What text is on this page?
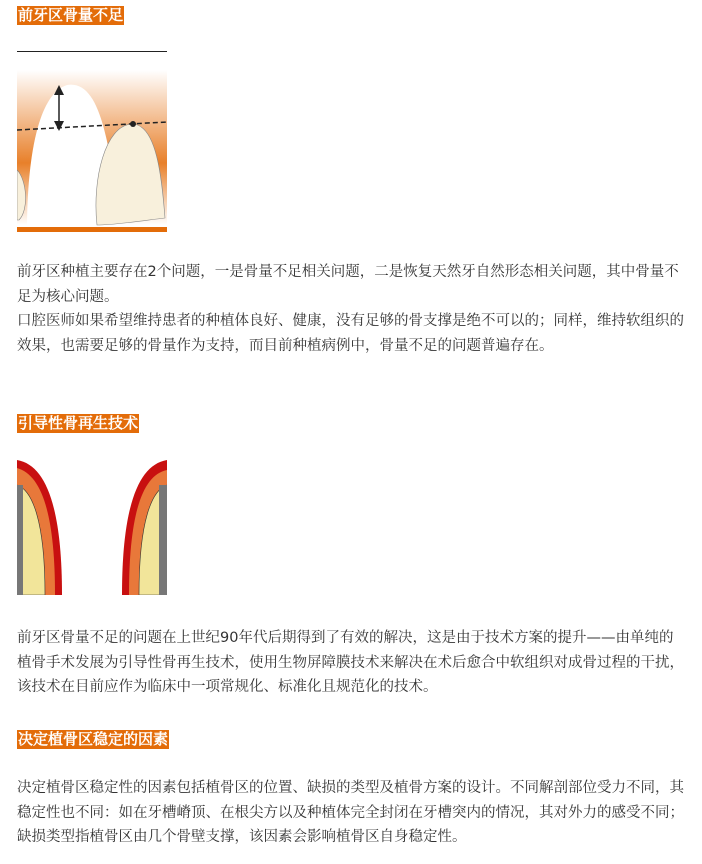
前牙区骨量不足

前牙区种植主要存在2个问题，一是骨量不足相关问题，二是恢复天然牙自然形态相关问题，其中骨量不足为核心问题。

口腔医师如果希望维持患者的种植体良好、健康，没有足够的骨支撑是绝不可以的；同样，维持软组织的效果，也需要足够的骨量作为支持，而目前种植病例中，骨量不足的问题普遍存在。

引导性骨再生技术

前牙区骨量不足的问题在上世纪90年代后期得到了有效的解决，这是由于技术方案的提升——由单纯的植骨手术发展为引导性骨再生技术，使用生物屏障膜技术来解决在术后愈合中软组织对成骨过程的干扰，该技术在目前应作为临床中一项常规化、标准化且规范化的技术。

决定植骨区稳定的因素

决定植骨区稳定性的因素包括植骨区的位置、缺损的类型及植骨方案的设计。不同解剖部位受力不同，其稳定性也不同：如在牙槽嵴顶、在根尖方以及种植体完全封闭在牙槽突内的情况，其对外力的感受不同；缺损类型指植骨区由几个骨壁支撑，该因素会影响植骨区自身稳定性。
